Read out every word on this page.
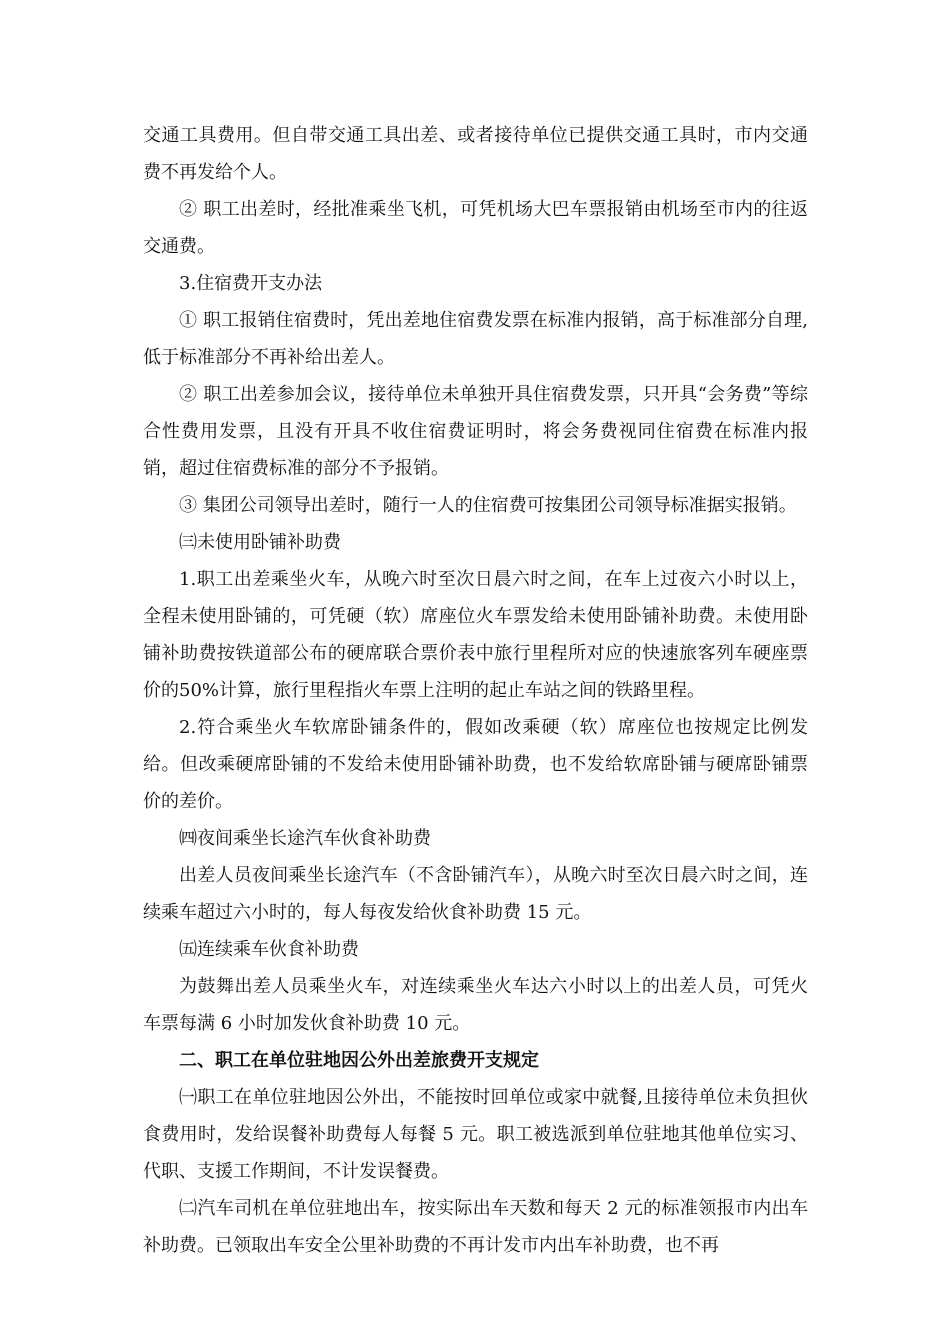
交通工具费用。但自带交通工具出差、或者接待单位已提供交通工具时，市内交通费不再发给个人。

② 职工出差时，经批准乘坐飞机，可凭机场大巴车票报销由机场至市内的往返交通费。

3.住宿费开支办法

① 职工报销住宿费时，凭出差地住宿费发票在标准内报销，高于标准部分自理,低于标准部分不再补给出差人。

② 职工出差参加会议，接待单位未单独开具住宿费发票，只开具“会务费”等综合性费用发票，且没有开具不收住宿费证明时，将会务费视同住宿费在标准内报销，超过住宿费标准的部分不予报销。

③ 集团公司领导出差时，随行一人的住宿费可按集团公司领导标准据实报销。

㈢未使用卧铺补助费

1.职工出差乘坐火车，从晚六时至次日晨六时之间，在车上过夜六小时以上，全程未使用卧铺的，可凭硬（软）席座位火车票发给未使用卧铺补助费。未使用卧铺补助费按铁道部公布的硬席联合票价表中旅行里程所对应的快速旅客列车硬座票价的50%计算，旅行里程指火车票上注明的起止车站之间的铁路里程。

2.符合乘坐火车软席卧铺条件的，假如改乘硬（软）席座位也按规定比例发给。但改乘硬席卧铺的不发给未使用卧铺补助费，也不发给软席卧铺与硬席卧铺票价的差价。

㈣夜间乘坐长途汽车伙食补助费

出差人员夜间乘坐长途汽车（不含卧铺汽车），从晚六时至次日晨六时之间，连续乘车超过六小时的，每人每夜发给伙食补助费 15 元。

㈤连续乘车伙食补助费

为鼓舞出差人员乘坐火车，对连续乘坐火车达六小时以上的出差人员，可凭火车票每满 6 小时加发伙食补助费 10 元。

二、职工在单位驻地因公外出差旅费开支规定

㈠职工在单位驻地因公外出，不能按时回单位或家中就餐,且接待单位未负担伙食费用时，发给误餐补助费每人每餐 5 元。职工被选派到单位驻地其他单位实习、代职、支援工作期间，不计发误餐费。

㈡汽车司机在单位驻地出车，按实际出车天数和每天 2 元的标准领报市内出车补助费。已领取出车安全公里补助费的不再计发市内出车补助费，也不再
